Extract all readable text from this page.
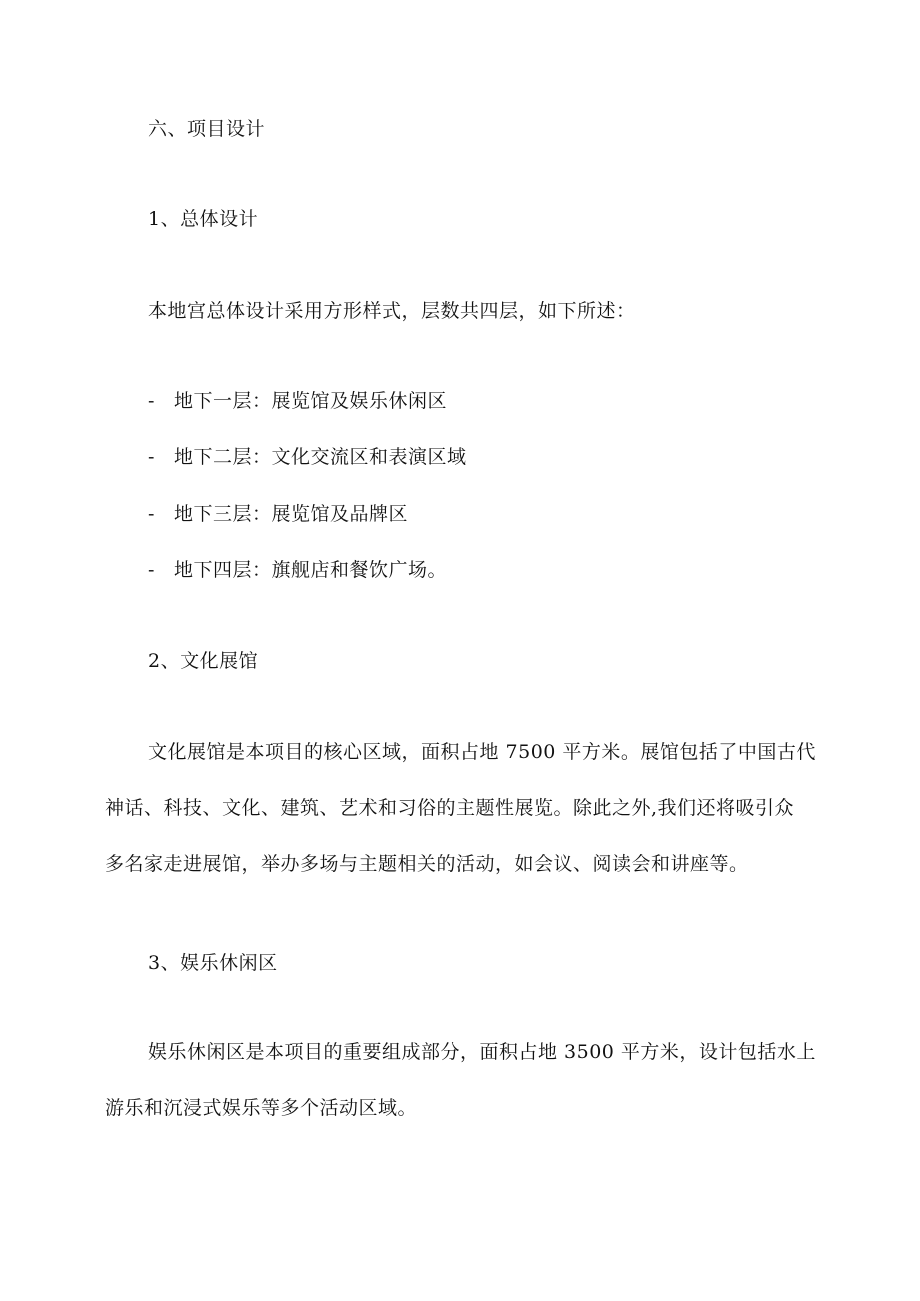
六、项目设计
1、总体设计
本地宫总体设计采用方形样式，层数共四层，如下所述：
- 地下一层：展览馆及娱乐休闲区
- 地下二层：文化交流区和表演区域
- 地下三层：展览馆及品牌区
- 地下四层：旗舰店和餐饮广场。
2、文化展馆
文化展馆是本项目的核心区域，面积占地 7500 平方米。展馆包括了中国古代
神话、科技、文化、建筑、艺术和习俗的主题性展览。除此之外,我们还将吸引众
多名家走进展馆，举办多场与主题相关的活动，如会议、阅读会和讲座等。
3、娱乐休闲区
娱乐休闲区是本项目的重要组成部分，面积占地 3500 平方米，设计包括水上
游乐和沉浸式娱乐等多个活动区域。
